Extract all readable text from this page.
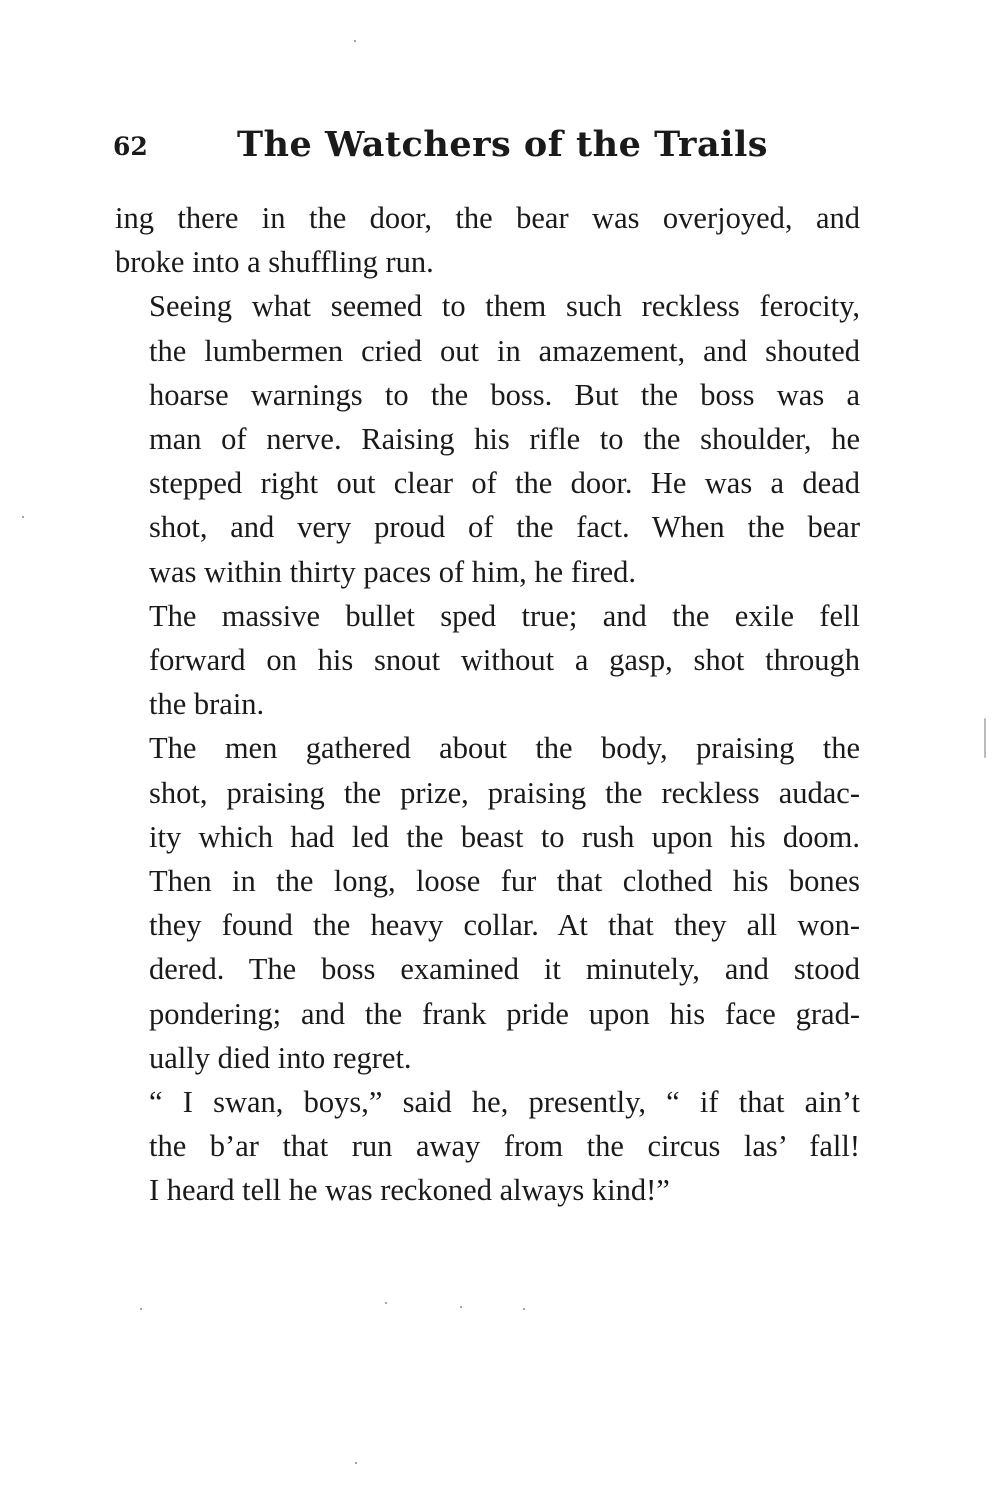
62	The Watchers of the Trails

ing there in the door, the bear was overjoyed, and
broke into a shuffling run.

Seeing what seemed to them such reckless ferocity,
the lumbermen cried out in amazement, and shouted
hoarse warnings to the boss. But the boss was a
man of nerve. Raising his rifle to the shoulder, he
stepped right out clear of the door. He was a dead
shot, and very proud of the fact. When the bear
was within thirty paces of him, he fired.

The massive bullet sped true; and the exile fell
forward on his snout without a gasp, shot through
the brain.

The men gathered about the body, praising the
shot, praising the prize, praising the reckless audac-
ity which had led the beast to rush upon his doom.
Then in the long, loose fur that clothed his bones
they found the heavy collar. At that they all won-
dered. The boss examined it minutely, and stood
pondering; and the frank pride upon his face grad-
ually died into regret.

“ I swan, boys,” said he, presently, “ if that ain’t
the b’ar that run away from the circus las’ fall!
I heard tell he was reckoned always kind!”
